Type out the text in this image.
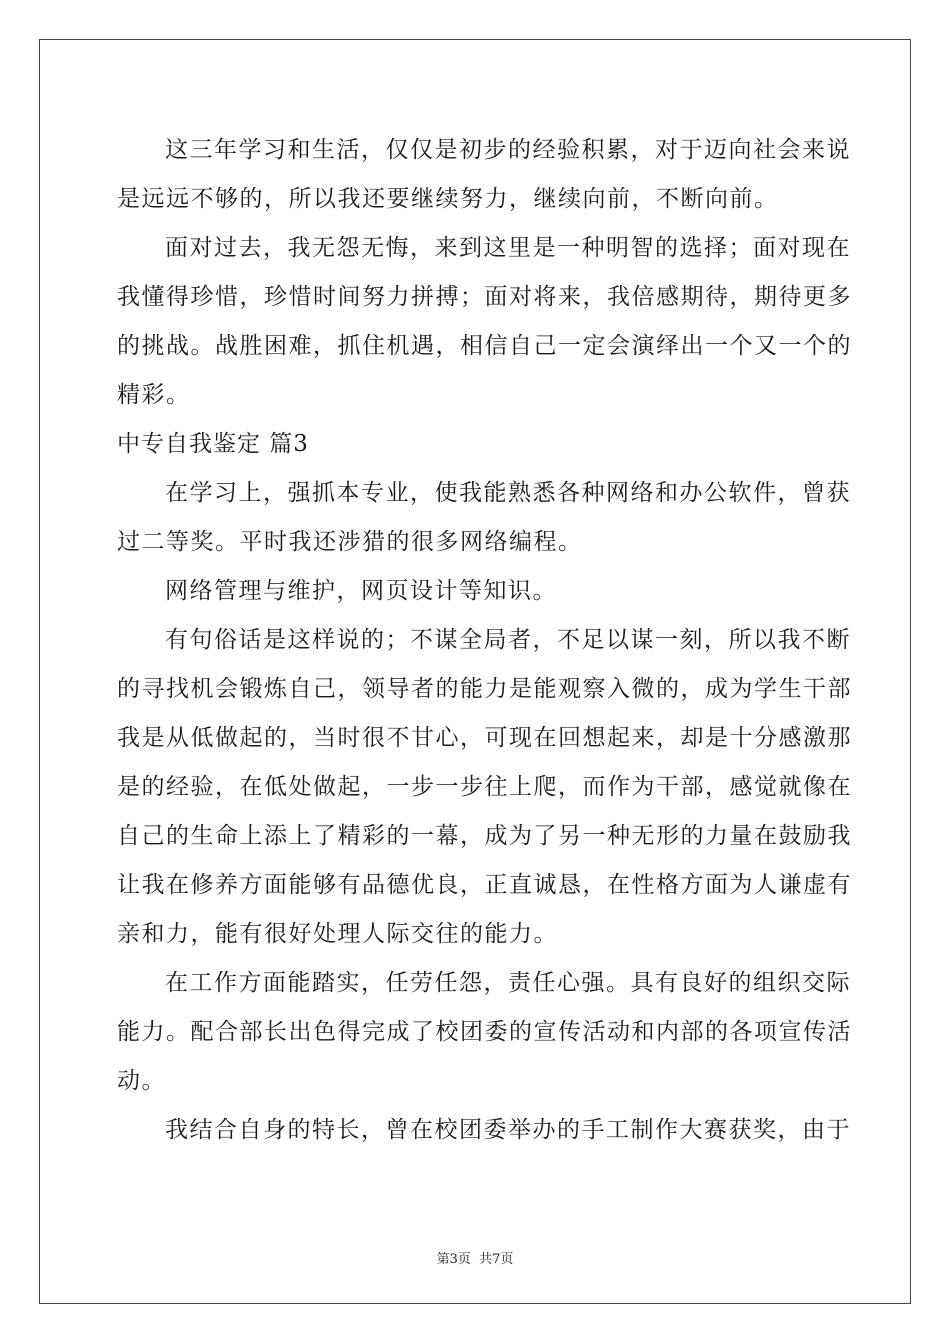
这三年学习和生活，仅仅是初步的经验积累，对于迈向社会来说
是远远不够的，所以我还要继续努力，继续向前，不断向前。
面对过去，我无怨无悔，来到这里是一种明智的选择；面对现在
我懂得珍惜，珍惜时间努力拼搏；面对将来，我倍感期待，期待更多
的挑战。战胜困难，抓住机遇，相信自己一定会演绎出一个又一个的
精彩。
中专自我鉴定 篇3
在学习上，强抓本专业，使我能熟悉各种网络和办公软件，曾获
过二等奖。平时我还涉猎的很多网络编程。
网络管理与维护，网页设计等知识。
有句俗话是这样说的；不谋全局者，不足以谋一刻，所以我不断
的寻找机会锻炼自己，领导者的能力是能观察入微的，成为学生干部
我是从低做起的，当时很不甘心，可现在回想起来，却是十分感激那
是的经验，在低处做起，一步一步往上爬，而作为干部，感觉就像在
自己的生命上添上了精彩的一幕，成为了另一种无形的力量在鼓励我
让我在修养方面能够有品德优良，正直诚恳，在性格方面为人谦虚有
亲和力，能有很好处理人际交往的能力。
在工作方面能踏实，任劳任怨，责任心强。具有良好的组织交际
能力。配合部长出色得完成了校团委的宣传活动和内部的各项宣传活
动。
我结合自身的特长，曾在校团委举办的手工制作大赛获奖，由于
第3页 共7页
